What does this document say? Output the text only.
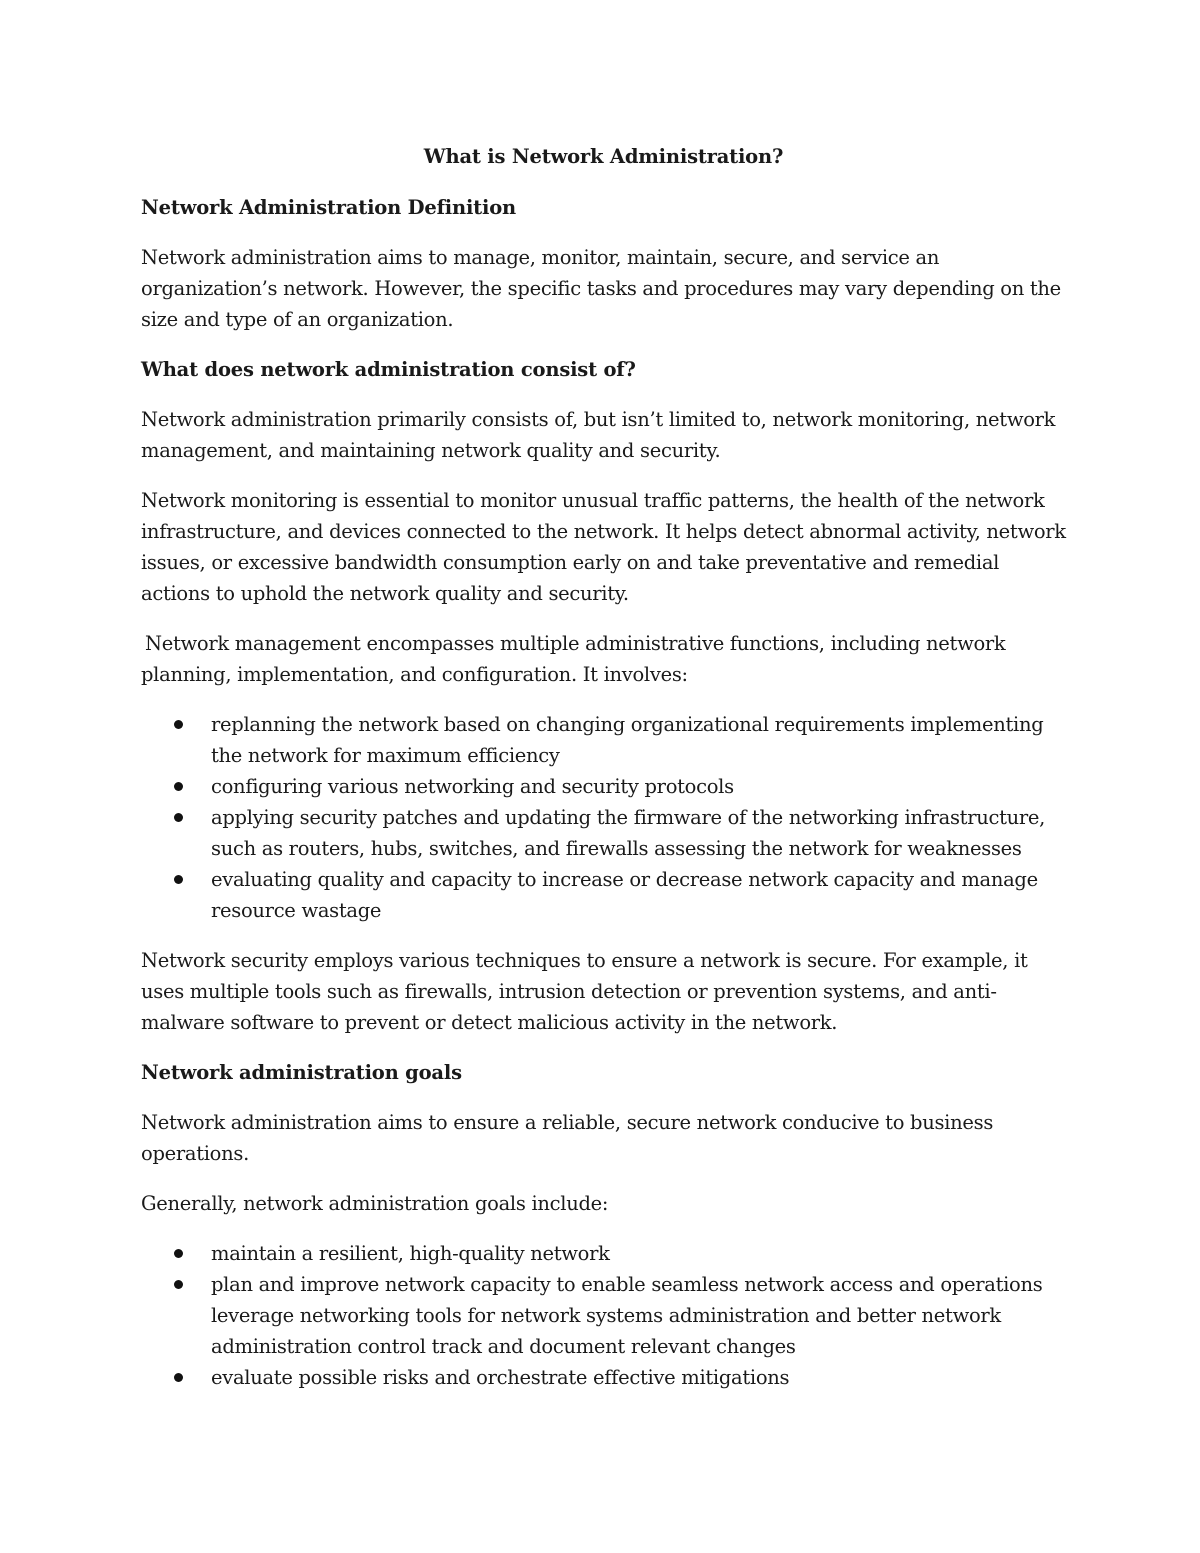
What is Network Administration?
Network Administration Definition

Network administration aims to manage, monitor, maintain, secure, and service an organization’s network. However, the specific tasks and procedures may vary depending on the size and type of an organization.

What does network administration consist of?

Network administration primarily consists of, but isn’t limited to, network monitoring, network management, and maintaining network quality and security.

Network monitoring is essential to monitor unusual traffic patterns, the health of the network infrastructure, and devices connected to the network. It helps detect abnormal activity, network issues, or excessive bandwidth consumption early on and take preventative and remedial actions to uphold the network quality and security.

Network management encompasses multiple administrative functions, including network planning, implementation, and configuration. It involves:

replanning the network based on changing organizational requirements implementing the network for maximum efficiency
configuring various networking and security protocols
applying security patches and updating the firmware of the networking infrastructure, such as routers, hubs, switches, and firewalls assessing the network for weaknesses
evaluating quality and capacity to increase or decrease network capacity and manage resource wastage

Network security employs various techniques to ensure a network is secure. For example, it uses multiple tools such as firewalls, intrusion detection or prevention systems, and anti-malware software to prevent or detect malicious activity in the network.

Network administration goals

Network administration aims to ensure a reliable, secure network conducive to business operations.

Generally, network administration goals include:

maintain a resilient, high-quality network
plan and improve network capacity to enable seamless network access and operations leverage networking tools for network systems administration and better network administration control track and document relevant changes
evaluate possible risks and orchestrate effective mitigations
